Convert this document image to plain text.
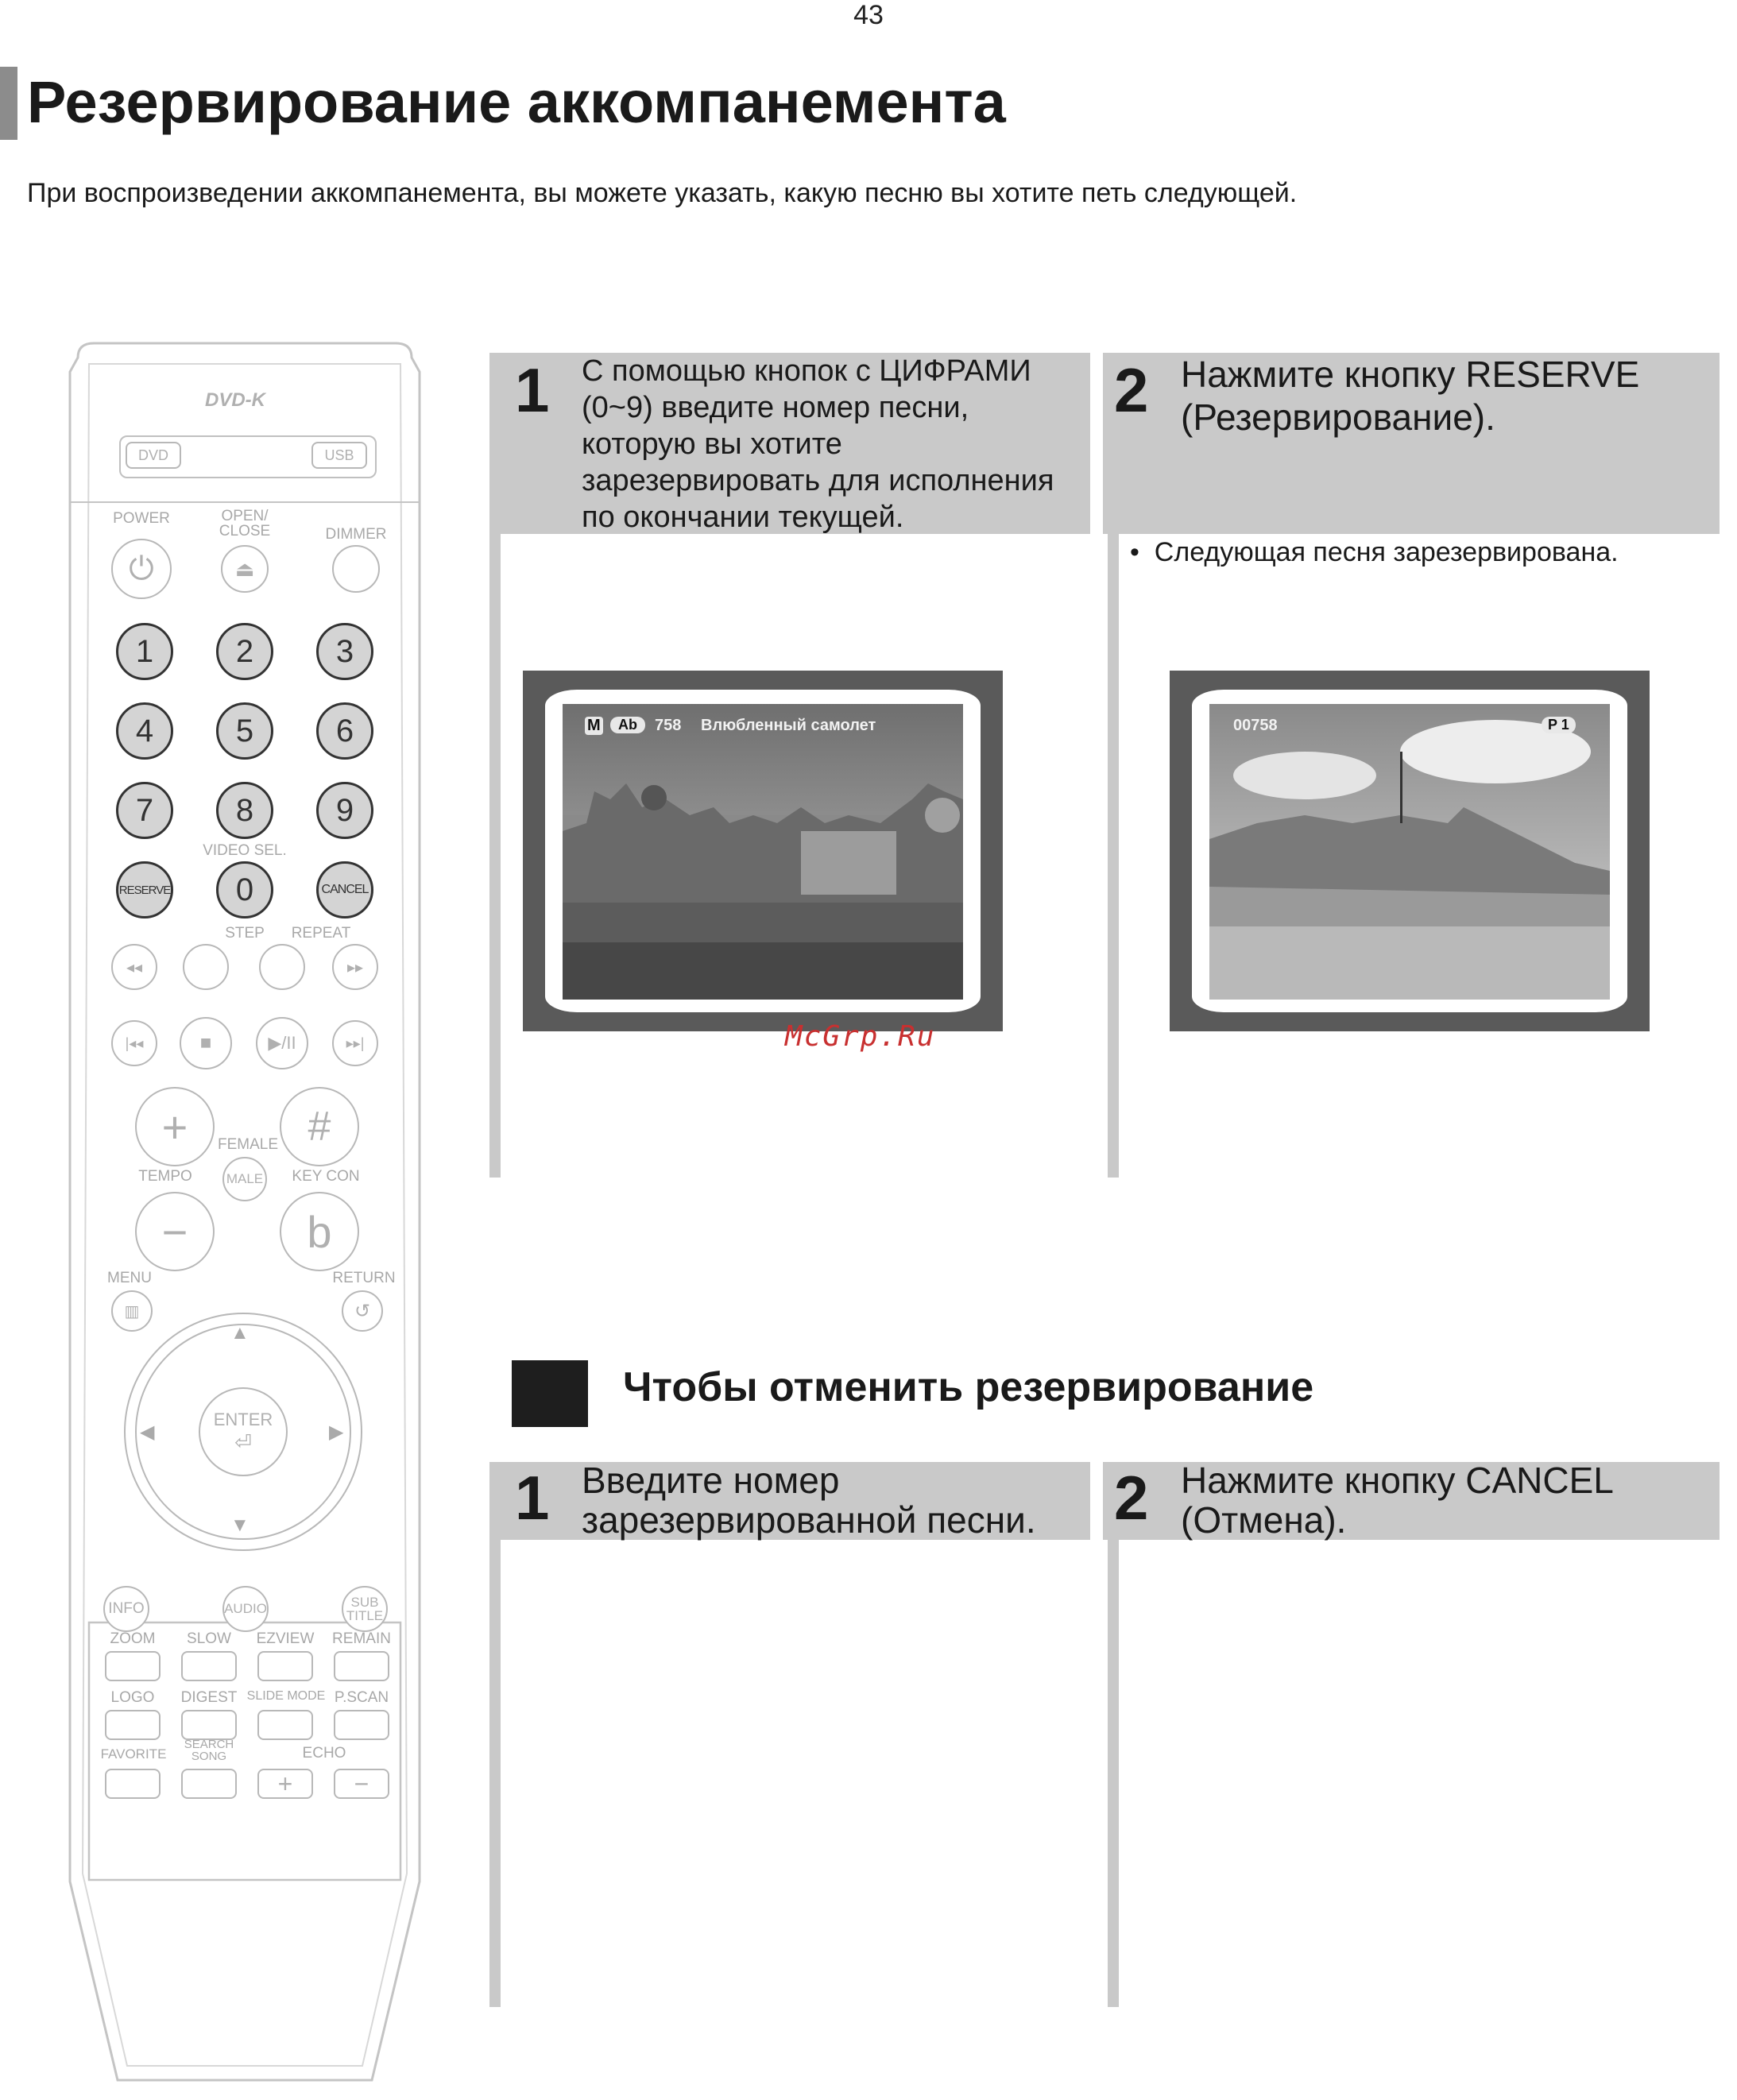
43
Резервирование аккомпанемента
При воспроизведении аккомпанемента, вы можете указать, какую песню вы хотите петь следующей.
DVD-K
DVD	USB
POWER	OPEN/
CLOSE	DIMMER
⏻	⏏
1	2	3
4	5	6
7	8	9
VIDEO SEL.
RESERVE	0	CANCEL
STEP	REPEAT
◂◂	▸▸
|◂◂	■	▶/II	▸▸|
+	#
FEMALE
TEMPO	MALE	KEY CON
−	b
MENU	RETURN
▥	↺
▲
▼
◀	▶
ENTER
⏎
INFO	AUDIO	SUB
TITLE
ZOOM	SLOW	EZVIEW	REMAIN
LOGO	DIGEST SLIDE MODE P.SCAN
FAVORITE
SEARCH
SONG	ECHO
+ −
1 С помощью кнопок с ЦИФРАМИ
(0~9) введите номер песни,
которую вы хотите
зарезервировать для исполнения
по окончании текущей.
2 Нажмите кнопку RESERVE
(Резервирование).
•  Следующая песня зарезервирована.
M	Ab	758 Влюбленный самолет	00758	P 1
McGrp.Ru
Чтобы отменить резервирование
1 Введите номер
зарезервированной песни. 2 Нажмите кнопку CANCEL
(Отмена).
